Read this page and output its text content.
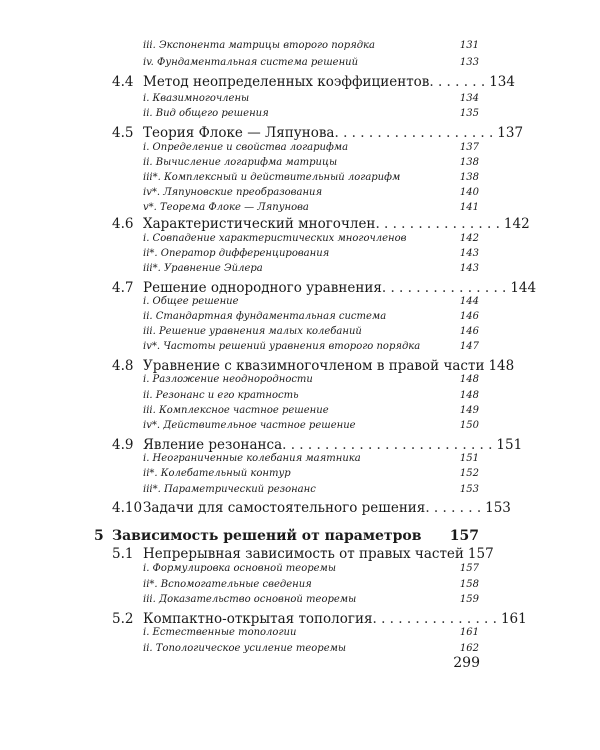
iii. Экспонента матрицы второго порядка	131
iv. Фундаментальная система решений	133
4.4 Метод неопределенных коэффициентов . . . . . . . 134
i. Квазимногочлены	134
ii. Вид общего решения	135
4.5 Теория Флоке — Ляпунова . . . . . . . . . . . . . . . . . . . 137
i. Определение и свойства логарифма	137
ii. Вычисление логарифма матрицы	138
iii*. Комплексный и действительный логарифм	138
iv*. Ляпуновские преобразования	140
v*. Теорема Флоке — Ляпунова	141
4.6 Характеристический многочлен . . . . . . . . . . . . . . . 142
i. Совпадение характеристических многочленов	142
ii*. Оператор дифференцирования	143
iii*. Уравнение Эйлера	143
4.7 Решение однородного уравнения . . . . . . . . . . . . . . . 144
i. Общее решение	144
ii. Стандартная фундаментальная система	146
iii. Решение уравнения малых колебаний	146
iv*. Частоты решений уравнения второго порядка	147
4.8 Уравнение с квазимногочленом в правой части 148
i. Разложение неоднородности	148
ii. Резонанс и его кратность	148
iii. Комплексное частное решение	149
iv*. Действительное частное решение	150
4.9 Явление резонанса . . . . . . . . . . . . . . . . . . . . . . . . . 151
i. Неограниченные колебания маятника	151
ii*. Колебательный контур	152
iii*. Параметрический резонанс	153
4.10 Задачи для самостоятельного решения . . . . . . . 153
5 Зависимость решений от параметров 157
5.1 Непрерывная зависимость от правых частей 157
i. Формулировка основной теоремы	157
ii*. Вспомогательные сведения	158
iii. Доказательство основной теоремы	159
5.2 Компактно-открытая топология . . . . . . . . . . . . . . . 161
i. Естественные топологии	161
ii. Топологическое усиление теоремы	162
299
